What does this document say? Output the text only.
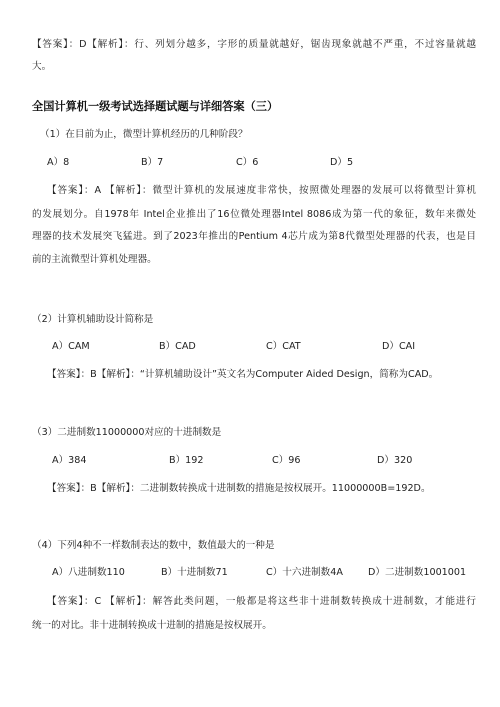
【答案】：D【解析】：行、列划分越多，字形的质量就越好，锯齿现象就越不严重，不过容量就越
大。
全国计算机一级考试选择题试题与详细答案（三）
（1）在目前为止，微型计算机经历的几种阶段？
A）8	B）7	C）6	D）5
【答案】：A 【解析】：微型计算机的发展速度非常快，按照微处理器的发展可以将微型计算机
的发展划分。自1978年 Intel企业推出了16位微处理器Intel 8086成为第一代的象征，数年来微处
理器的技术发展突飞猛进。到了2023年推出的Pentium 4芯片成为第8代微型处理器的代表，也是目
前的主流微型计算机处理器。
（2）计算机辅助设计简称是
A）CAM	B）CAD	C）CAT	D）CAI
【答案】：B【解析】：“计算机辅助设计”英文名为Computer Aided Design，简称为CAD。
（3）二进制数11000000对应的十进制数是
A）384	B）192	C）96	D）320
【答案】：B【解析】：二进制数转换成十进制数的措施是按权展开。11000000B=192D。
（4）下列4种不一样数制表达的数中，数值最大的一种是
A）八进制数110	B）十进制数71	C）十六进制数4A	D）二进制数1001001
【答案】：C 【解析】：解答此类问题，一般都是将这些非十进制数转换成十进制数，才能进行
统一的对比。非十进制转换成十进制的措施是按权展开。
